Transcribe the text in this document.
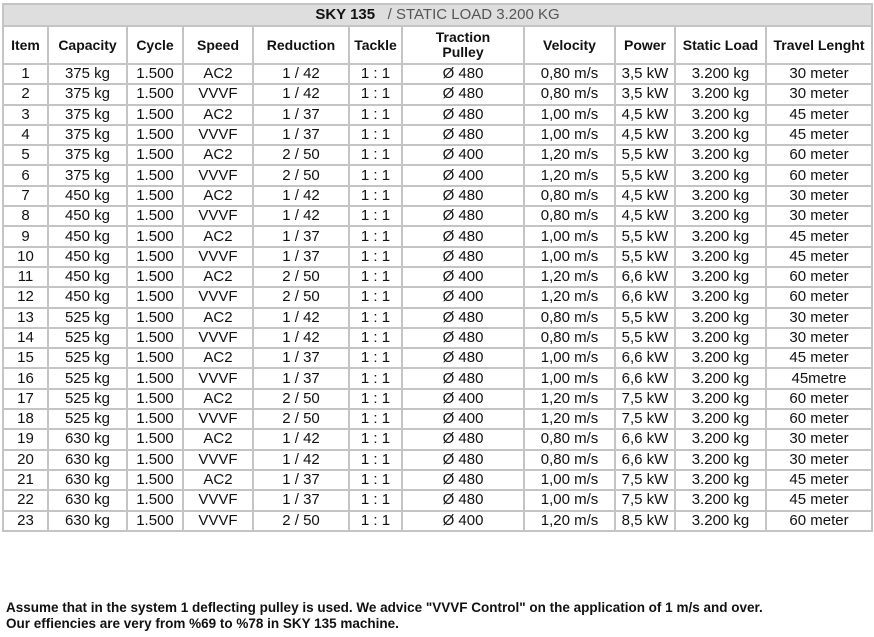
SKY 135 / STATIC LOAD 3.200 KG										
Item	Capacity	Cycle	Speed	Reduction	Tackle	Traction Pulley	Velocity	Power	Static Load	Travel Lenght
1	375 kg	1.500	AC2	1 / 42	1 : 1	Ø 480	0,80 m/s	3,5 kW	3.200 kg	30 meter
2	375 kg	1.500	VVVF	1 / 42	1 : 1	Ø 480	0,80 m/s	3,5 kW	3.200 kg	30 meter
3	375 kg	1.500	AC2	1 / 37	1 : 1	Ø 480	1,00 m/s	4,5 kW	3.200 kg	45 meter
4	375 kg	1.500	VVVF	1 / 37	1 : 1	Ø 480	1,00 m/s	4,5 kW	3.200 kg	45 meter
5	375 kg	1.500	AC2	2 / 50	1 : 1	Ø 400	1,20 m/s	5,5 kW	3.200 kg	60 meter
6	375 kg	1.500	VVVF	2 / 50	1 : 1	Ø 400	1,20 m/s	5,5 kW	3.200 kg	60 meter
7	450 kg	1.500	AC2	1 / 42	1 : 1	Ø 480	0,80 m/s	4,5 kW	3.200 kg	30 meter
8	450 kg	1.500	VVVF	1 / 42	1 : 1	Ø 480	0,80 m/s	4,5 kW	3.200 kg	30 meter
9	450 kg	1.500	AC2	1 / 37	1 : 1	Ø 480	1,00 m/s	5,5 kW	3.200 kg	45 meter
10	450 kg	1.500	VVVF	1 / 37	1 : 1	Ø 480	1,00 m/s	5,5 kW	3.200 kg	45 meter
11	450 kg	1.500	AC2	2 / 50	1 : 1	Ø 400	1,20 m/s	6,6 kW	3.200 kg	60 meter
12	450 kg	1.500	VVVF	2 / 50	1 : 1	Ø 400	1,20 m/s	6,6 kW	3.200 kg	60 meter
13	525 kg	1.500	AC2	1 / 42	1 : 1	Ø 480	0,80 m/s	5,5 kW	3.200 kg	30 meter
14	525 kg	1.500	VVVF	1 / 42	1 : 1	Ø 480	0,80 m/s	5,5 kW	3.200 kg	30 meter
15	525 kg	1.500	AC2	1 / 37	1 : 1	Ø 480	1,00 m/s	6,6 kW	3.200 kg	45 meter
16	525 kg	1.500	VVVF	1 / 37	1 : 1	Ø 480	1,00 m/s	6,6 kW	3.200 kg	45metre
17	525 kg	1.500	AC2	2 / 50	1 : 1	Ø 400	1,20 m/s	7,5 kW	3.200 kg	60 meter
18	525 kg	1.500	VVVF	2 / 50	1 : 1	Ø 400	1,20 m/s	7,5 kW	3.200 kg	60 meter
19	630 kg	1.500	AC2	1 / 42	1 : 1	Ø 480	0,80 m/s	6,6 kW	3.200 kg	30 meter
20	630 kg	1.500	VVVF	1 / 42	1 : 1	Ø 480	0,80 m/s	6,6 kW	3.200 kg	30 meter
21	630 kg	1.500	AC2	1 / 37	1 : 1	Ø 480	1,00 m/s	7,5 kW	3.200 kg	45 meter
22	630 kg	1.500	VVVF	1 / 37	1 : 1	Ø 480	1,00 m/s	7,5 kW	3.200 kg	45 meter
23	630 kg	1.500	VVVF	2 / 50	1 : 1	Ø 400	1,20 m/s	8,5 kW	3.200 kg	60 meter
Assume that in the system 1 deflecting pulley is used. We advice "VVVF Control" on the application of 1 m/s and over.
Our effiencies are very from %69 to %78 in SKY 135 machine.
